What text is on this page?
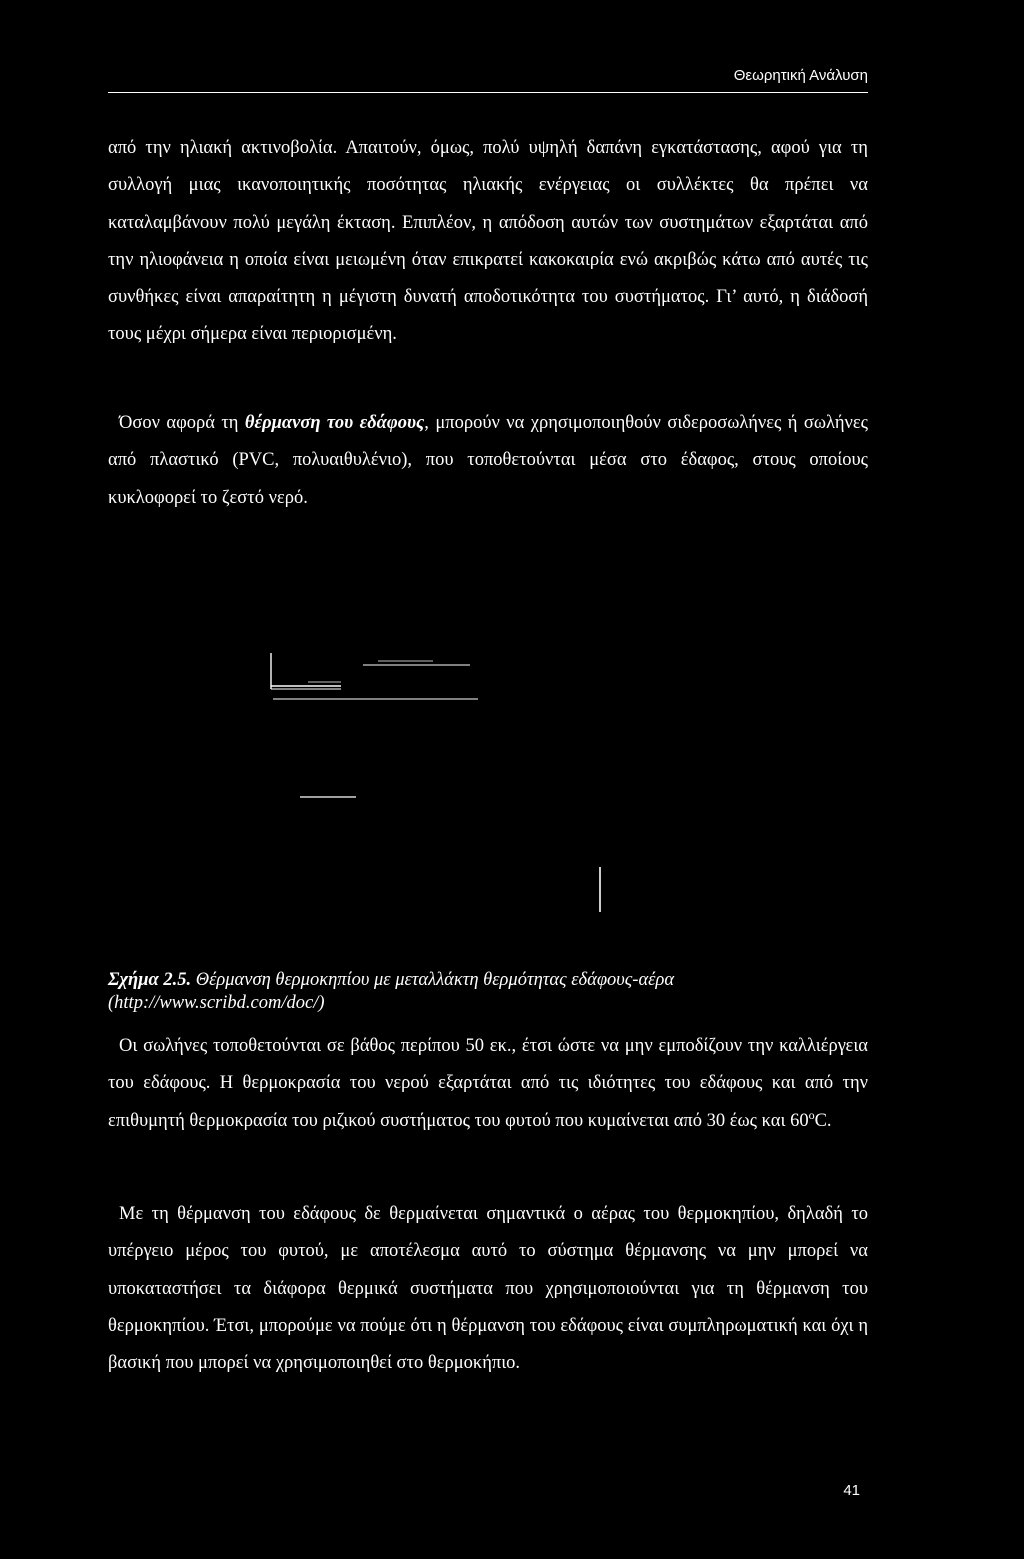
Θεωρητική Ανάλυση

από την ηλιακή ακτινοβολία. Απαιτούν, όμως, πολύ υψηλή δαπάνη εγκατάστασης, αφού για τη συλλογή μιας ικανοποιητικής ποσότητας ηλιακής ενέργειας οι συλλέκτες θα πρέπει να καταλαμβάνουν πολύ μεγάλη έκταση. Επιπλέον, η απόδοση αυτών των συστημάτων εξαρτάται από την ηλιοφάνεια η οποία είναι μειωμένη όταν επικρατεί κακοκαιρία ενώ ακριβώς κάτω από αυτές τις συνθήκες είναι απαραίτητη η μέγιστη δυνατή αποδοτικότητα του συστήματος. Γι’ αυτό, η διάδοσή τους μέχρι σήμερα είναι περιορισμένη.

Όσον αφορά τη θέρμανση του εδάφους, μπορούν να χρησιμοποιηθούν σιδεροσωλήνες ή σωλήνες από πλαστικό (PVC, πολυαιθυλένιο), που τοποθετούνται μέσα στο έδαφος, στους οποίους κυκλοφορεί το ζεστό νερό.

Σχήμα 2.5. Θέρμανση θερμοκηπίου με μεταλλάκτη θερμότητας εδάφους-αέρα (http://www.scribd.com/doc/)

Οι σωλήνες τοποθετούνται σε βάθος περίπου 50 εκ., έτσι ώστε να μην εμποδίζουν την καλλιέργεια του εδάφους. Η θερμοκρασία του νερού εξαρτάται από τις ιδιότητες του εδάφους και από την επιθυμητή θερμοκρασία του ριζικού συστήματος του φυτού που κυμαίνεται από 30 έως και $60^oC$.

Με τη θέρμανση του εδάφους δε θερμαίνεται σημαντικά ο αέρας του θερμοκηπίου, δηλαδή το υπέργειο μέρος του φυτού, με αποτέλεσμα αυτό το σύστημα θέρμανσης να μην μπορεί να υποκαταστήσει τα διάφορα θερμικά συστήματα που χρησιμοποιούνται για τη θέρμανση του θερμοκηπίου. Έτσι, μπορούμε να πούμε ότι η θέρμανση του εδάφους είναι συμπληρωματική και όχι η βασική που μπορεί να χρησιμοποιηθεί στο θερμοκήπιο.

41
